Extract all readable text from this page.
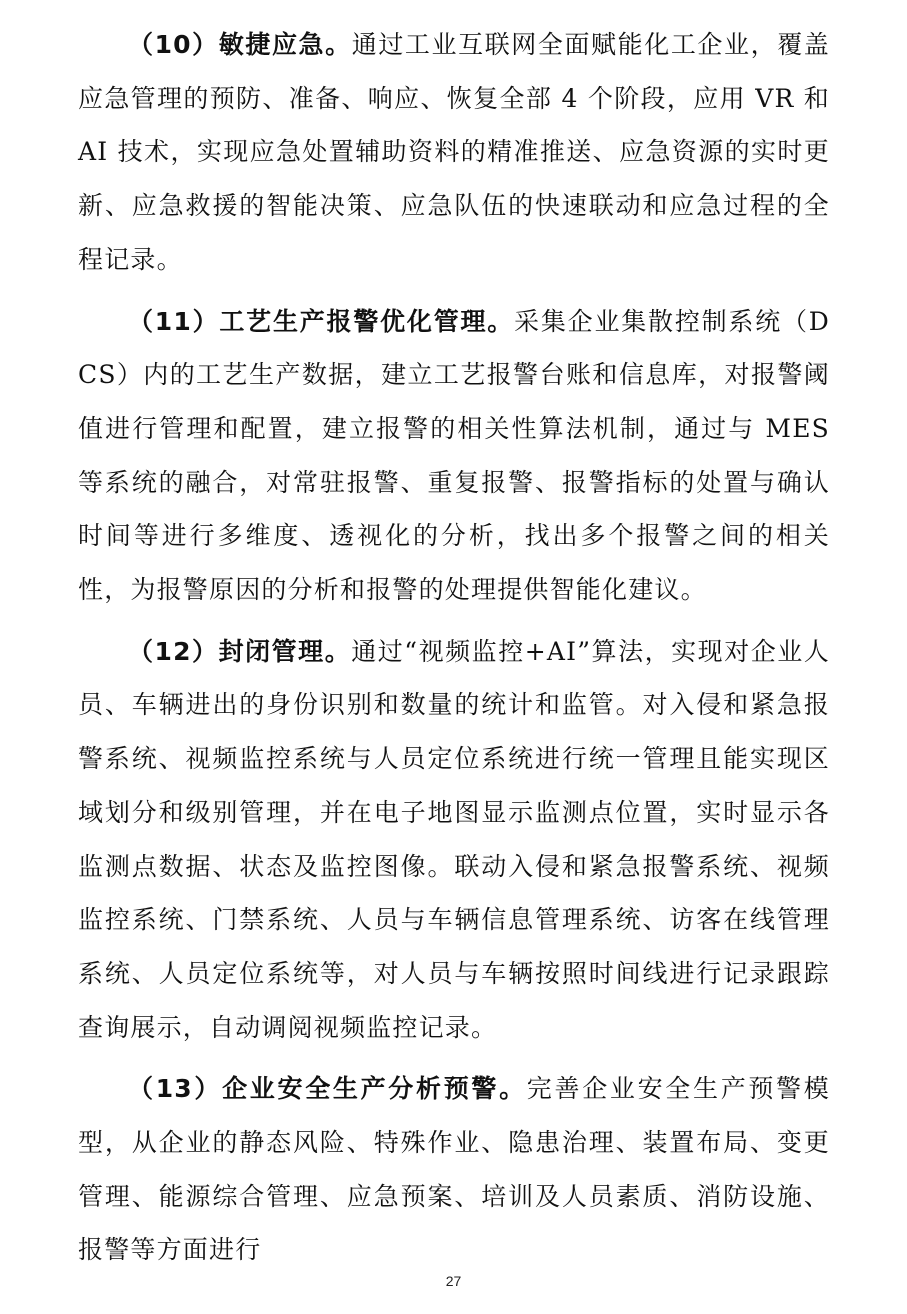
（10）敏捷应急。通过工业互联网全面赋能化工企业，覆盖应急管理的预防、准备、响应、恢复全部 4 个阶段，应用 VR 和 AI 技术，实现应急处置辅助资料的精准推送、应急资源的实时更新、应急救援的智能决策、应急队伍的快速联动和应急过程的全程记录。

（11）工艺生产报警优化管理。采集企业集散控制系统（DCS）内的工艺生产数据，建立工艺报警台账和信息库，对报警阈值进行管理和配置，建立报警的相关性算法机制，通过与 MES 等系统的融合，对常驻报警、重复报警、报警指标的处置与确认时间等进行多维度、透视化的分析，找出多个报警之间的相关性，为报警原因的分析和报警的处理提供智能化建议。

（12）封闭管理。通过“视频监控+AI”算法，实现对企业人员、车辆进出的身份识别和数量的统计和监管。对入侵和紧急报警系统、视频监控系统与人员定位系统进行统一管理且能实现区域划分和级别管理，并在电子地图显示监测点位置，实时显示各监测点数据、状态及监控图像。联动入侵和紧急报警系统、视频监控系统、门禁系统、人员与车辆信息管理系统、访客在线管理系统、人员定位系统等，对人员与车辆按照时间线进行记录跟踪查询展示，自动调阅视频监控记录。

（13）企业安全生产分析预警。完善企业安全生产预警模型，从企业的静态风险、特殊作业、隐患治理、装置布局、变更管理、能源综合管理、应急预案、培训及人员素质、消防设施、报警等方面进行

27
